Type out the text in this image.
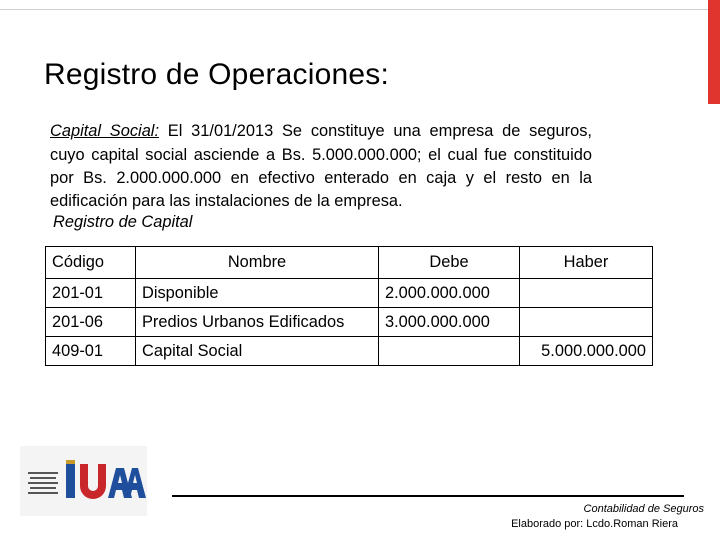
Registro de Operaciones:

Capital Social: El 31/01/2013 Se constituye una empresa de seguros, cuyo capital social asciende a Bs. 5.000.000.000; el cual fue constituido por Bs. 2.000.000.000 en efectivo enterado en caja y el resto en la edificación para las instalaciones de la empresa.

Registro de Capital
Código	Nombre	Debe	Haber
201-01	Disponible	2.000.000.000	
201-06	Predios Urbanos Edificados	3.000.000.000	
409-01	Capital Social		5.000.000.000
Contabilidad de Seguros
Elaborado por: Lcdo.Roman Riera
